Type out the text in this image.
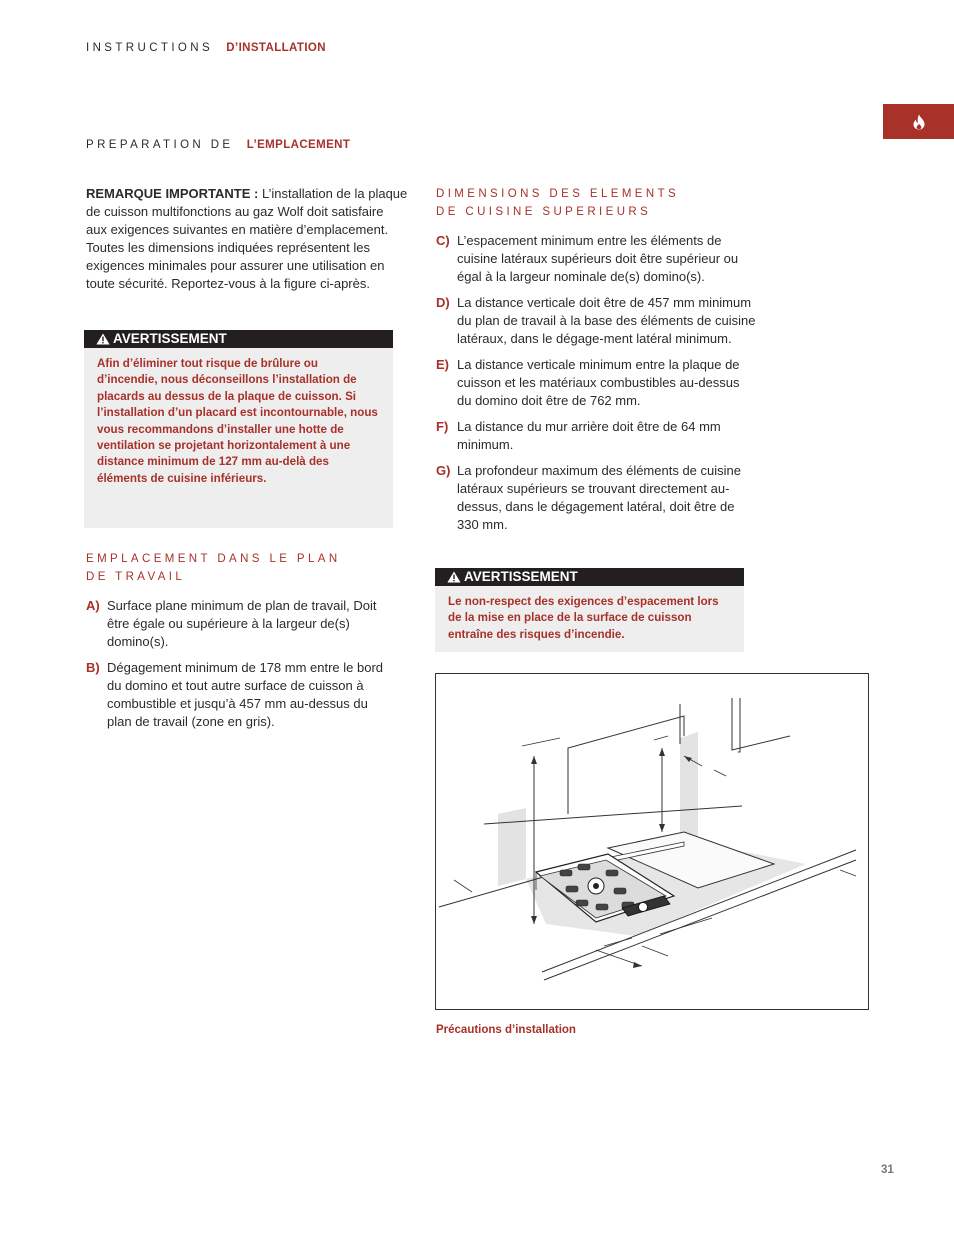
INSTRUCTIONS D’INSTALLATION
PREPARATION DE L’EMPLACEMENT
REMARQUE IMPORTANTE : L’installation de la plaque de cuisson multifonctions au gaz Wolf doit satisfaire aux exigences suivantes en matière d’emplacement. Toutes les dimensions indiquées représentent les exigences minimales pour assurer une utilisation en toute sécurité. Reportez-vous à la figure ci-après.
AVERTISSEMENT
Afin d’éliminer tout risque de brûlure ou d’incendie, nous déconseillons l’installation de placards au dessus de la plaque de cuisson. Si l’installation d’un placard est incontournable, nous vous recommandons d’installer une hotte de ventilation se projetant horizontalement à une distance minimum de 127 mm au-delà des éléments de cuisine inférieurs.
EMPLACEMENT DANS LE PLAN
DE TRAVAIL
A) Surface plane minimum de plan de travail, Doit être égale ou supérieure à la largeur de(s) domino(s).
B) Dégagement minimum de 178 mm entre le bord du domino et tout autre surface de cuisson à combustible et jusqu’à 457 mm au-dessus du plan de travail (zone en gris).
DIMENSIONS DES ELEMENTS
DE CUISINE SUPERIEURS
C) L’espacement minimum entre les éléments de cuisine latéraux supérieurs doit être supérieur ou égal à la largeur nominale de(s) domino(s).
D) La distance verticale doit être de 457 mm minimum du plan de travail à la base des éléments de cuisine latéraux, dans le dégage-ment latéral minimum.
E) La distance verticale minimum entre la plaque de cuisson et les matériaux combustibles au-dessus du domino doit être de 762 mm.
F) La distance du mur arrière doit être de 64 mm minimum.
G) La profondeur maximum des éléments de cuisine latéraux supérieurs se trouvant directement au-dessus, dans le dégagement latéral, doit être de 330 mm.
AVERTISSEMENT
Le non-respect des exigences d’espacement lors de la mise en place de la surface de cuisson entraîne des risques d’incendie.
Précautions d’installation
31
